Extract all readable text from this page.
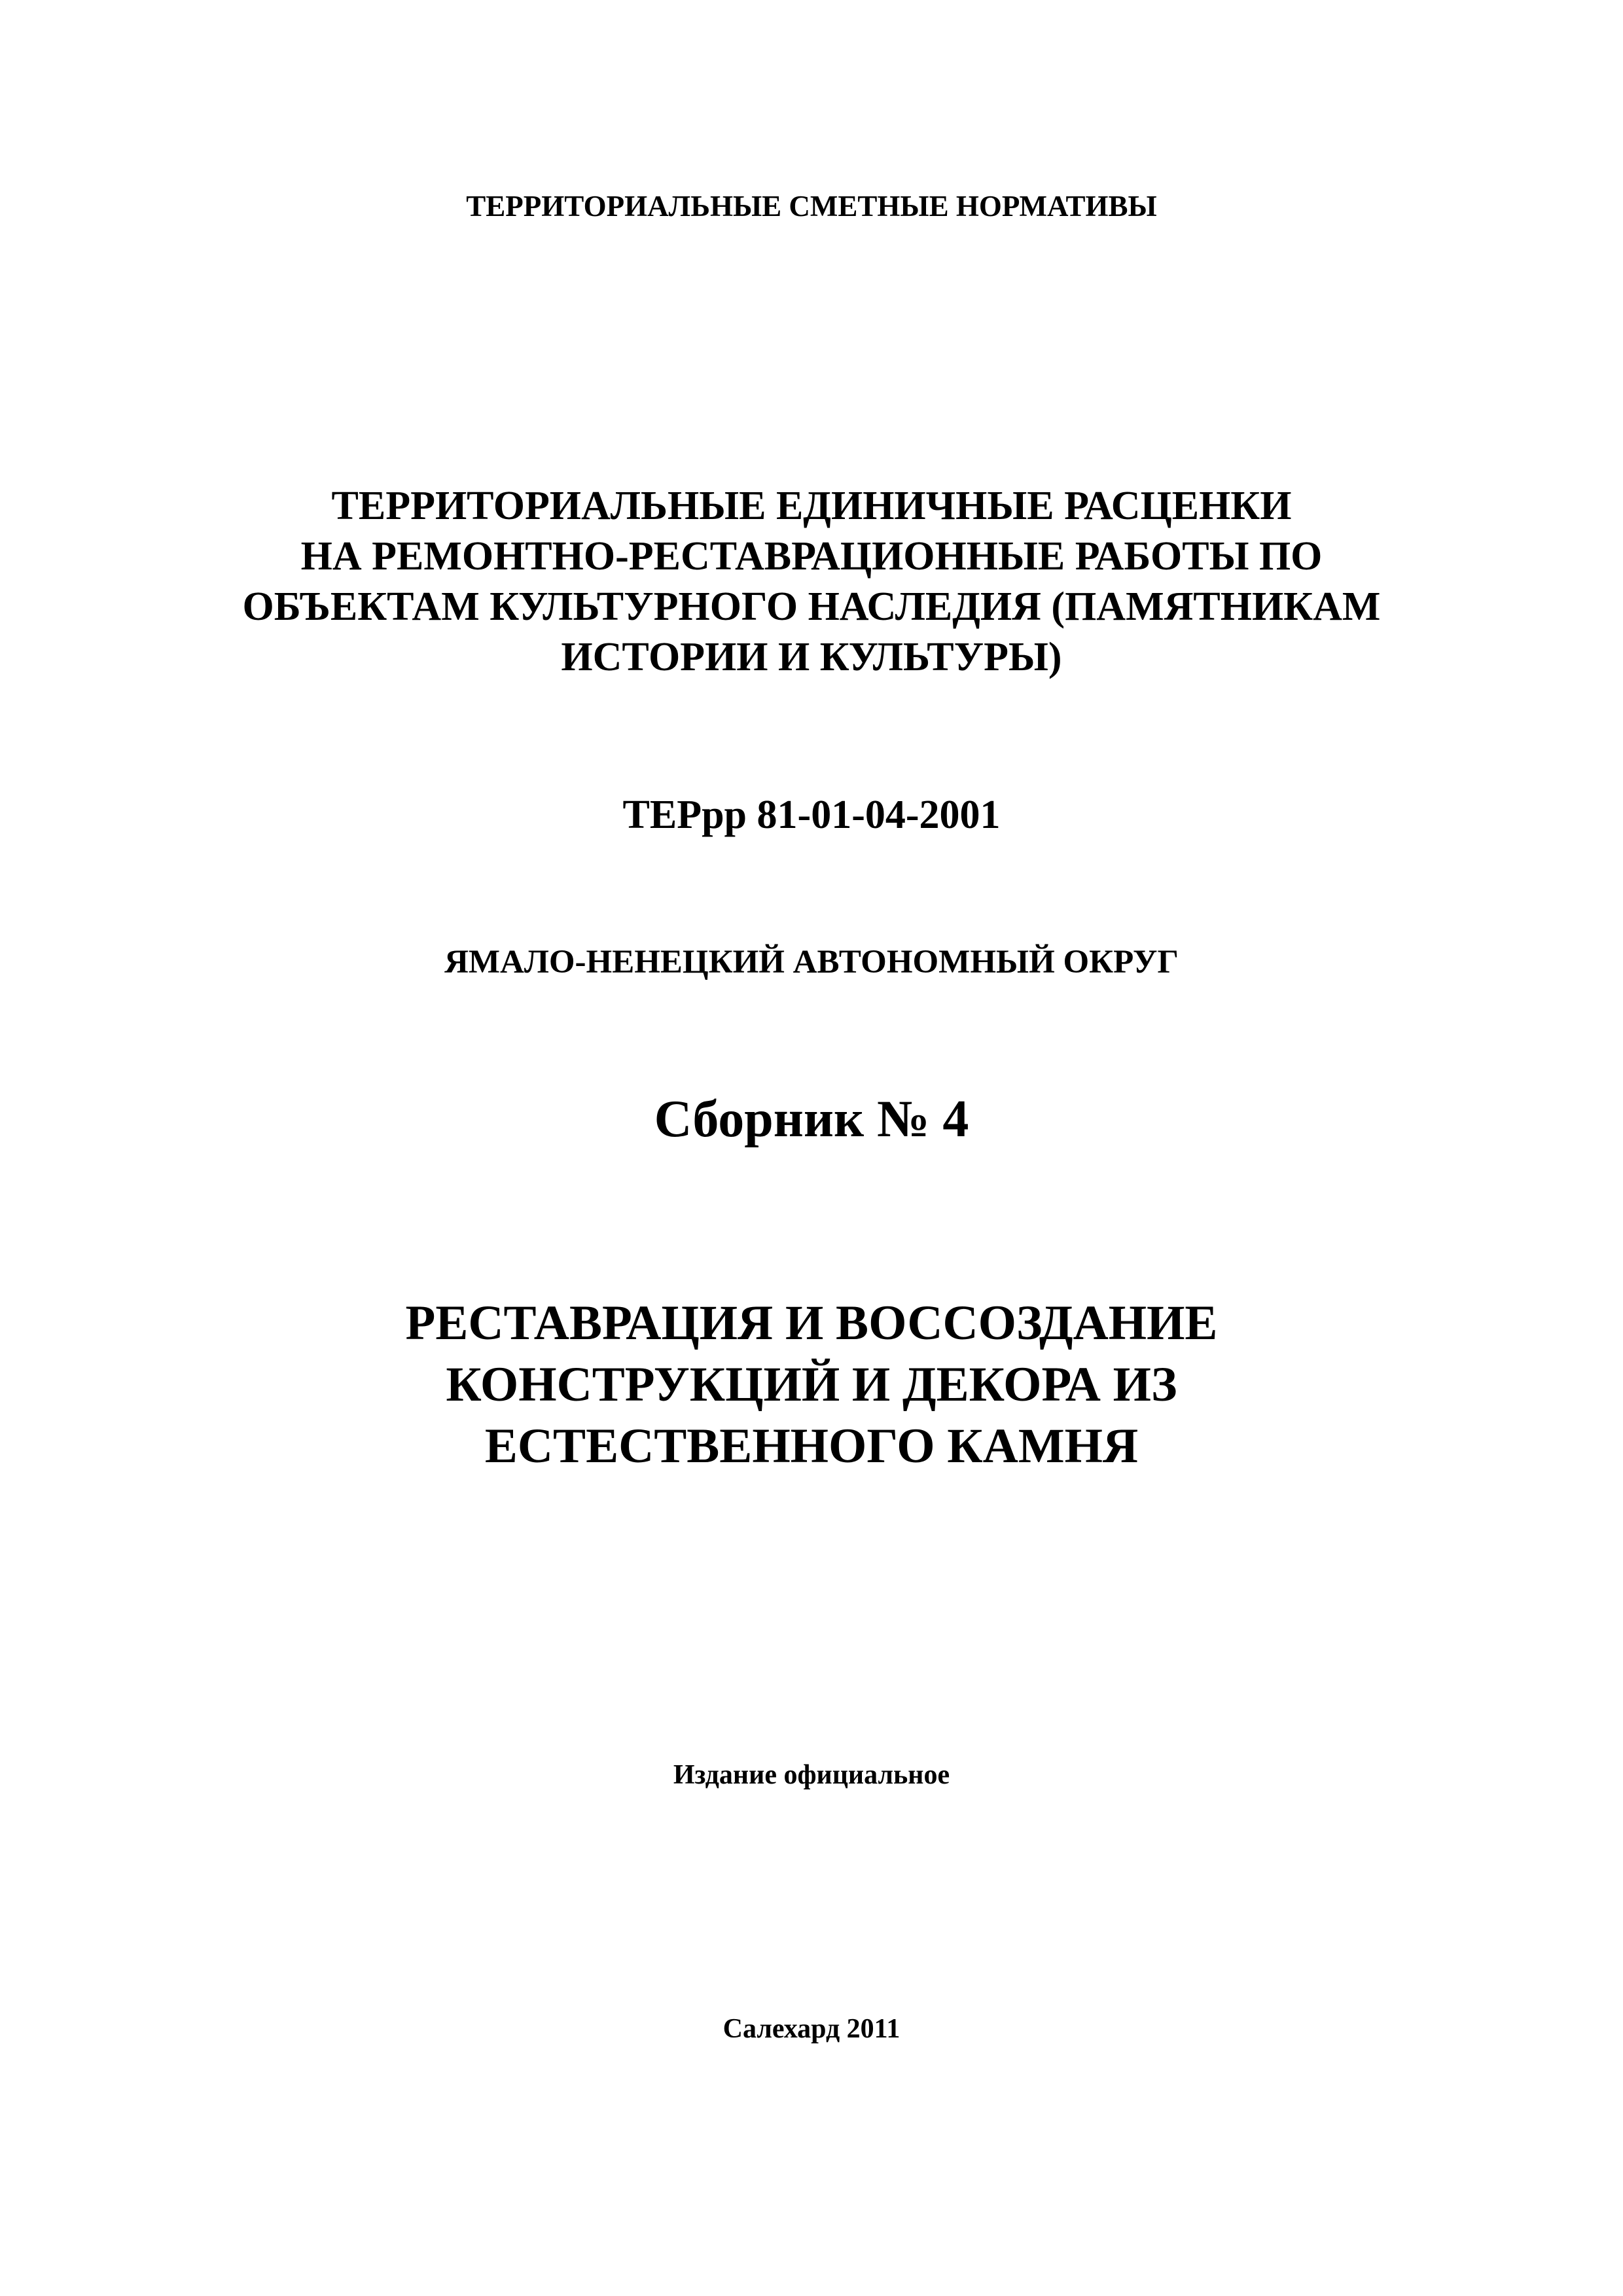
ТЕРРИТОРИАЛЬНЫЕ СМЕТНЫЕ НОРМАТИВЫ

ТЕРРИТОРИАЛЬНЫЕ ЕДИНИЧНЫЕ РАСЦЕНКИ
НА РЕМОНТНО-РЕСТАВРАЦИОННЫЕ РАБОТЫ ПО
ОБЪЕКТАМ КУЛЬТУРНОГО НАСЛЕДИЯ (ПАМЯТНИКАМ
ИСТОРИИ И КУЛЬТУРЫ)

ТЕРрр 81-01-04-2001

ЯМАЛО-НЕНЕЦКИЙ АВТОНОМНЫЙ ОКРУГ

Сборник № 4

РЕСТАВРАЦИЯ И ВОССОЗДАНИЕ
КОНСТРУКЦИЙ И ДЕКОРА ИЗ
ЕСТЕСТВЕННОГО КАМНЯ

Издание официальное

Салехард 2011
